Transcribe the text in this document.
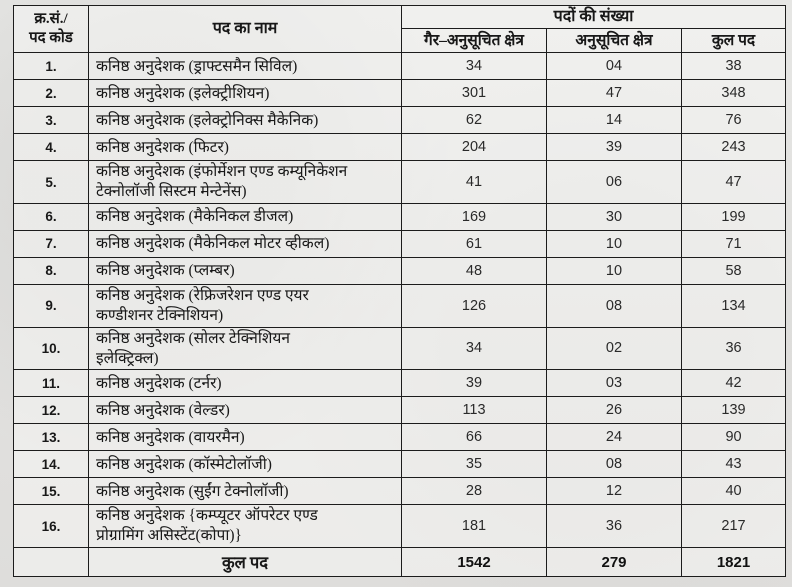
क्र.सं./
पद कोड	पद का नाम	पदों की संख्या		
		गैर–अनुसूचित क्षेत्र	अनुसूचित क्षेत्र	कुल पद
1.	कनिष्ठ अनुदेशक (ड्राफ्टसमैन सिविल)	34	04	38
2.	कनिष्ठ अनुदेशक (इलेक्ट्रीशियन)	301	47	348
3.	कनिष्ठ अनुदेशक (इलेक्ट्रोनिक्स मैकेनिक)	62	14	76
4.	कनिष्ठ अनुदेशक (फिटर)	204	39	243
5.	कनिष्ठ अनुदेशक (इंफोर्मेशन एण्ड कम्यूनिकेशन
टेक्नोलॉजी सिस्टम मेन्टेनेंस)	41	06	47
6.	कनिष्ठ अनुदेशक (मैकेनिकल डीजल)	169	30	199
7.	कनिष्ठ अनुदेशक (मैकेनिकल मोटर व्हीकल)	61	10	71
8.	कनिष्ठ अनुदेशक (प्लम्बर)	48	10	58
9.	कनिष्ठ अनुदेशक (रेफ्रिजरेशन एण्ड एयर
कण्डीशनर टेक्निशियन)	126	08	134
10.	कनिष्ठ अनुदेशक (सोलर टेक्निशियन
इलेक्ट्रिक्ल)	34	02	36
11.	कनिष्ठ अनुदेशक (टर्नर)	39	03	42
12.	कनिष्ठ अनुदेशक (वेल्डर)	113	26	139
13.	कनिष्ठ अनुदेशक (वायरमैन)	66	24	90
14.	कनिष्ठ अनुदेशक (कॉस्मेटोलॉजी)	35	08	43
15.	कनिष्ठ अनुदेशक (सुईंग टेक्नोलॉजी)	28	12	40
16.	कनिष्ठ अनुदेशक {कम्प्यूटर ऑपरेटर एण्ड
प्रोग्रामिंग असिस्टेंट(कोपा)}	181	36	217
	कुल पद	1542	279	1821
